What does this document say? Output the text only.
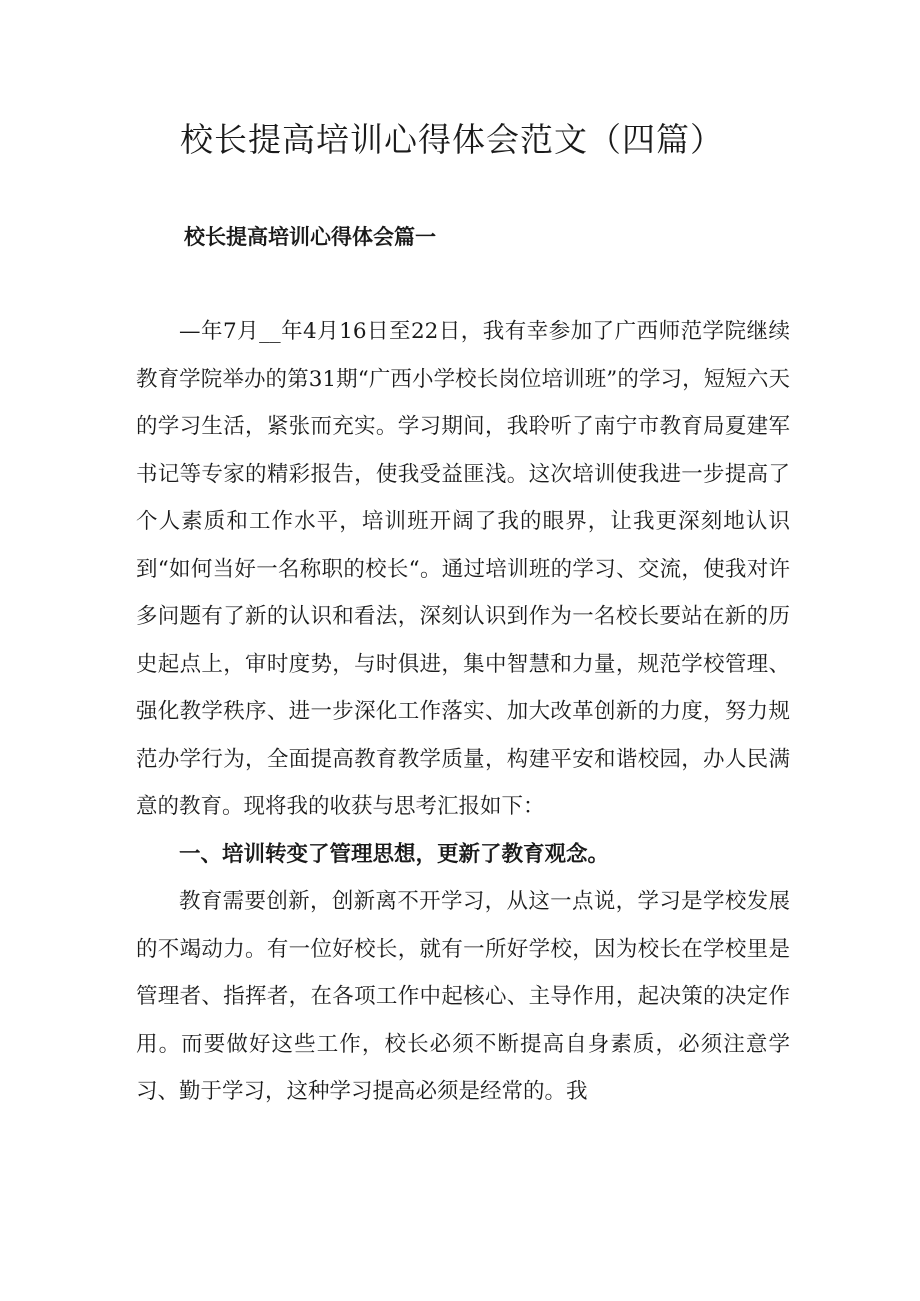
校长提高培训心得体会范文（四篇）
校长提高培训心得体会篇一

—年7月__年4月16日至22日，我有幸参加了广西师范学院继续教育学院举办的第31期“广西小学校长岗位培训班”的学习，短短六天的学习生活，紧张而充实。学习期间，我聆听了南宁市教育局夏建军书记等专家的精彩报告，使我受益匪浅。这次培训使我进一步提高了个人素质和工作水平，培训班开阔了我的眼界，让我更深刻地认识到“如何当好一名称职的校长“。通过培训班的学习、交流，使我对许多问题有了新的认识和看法，深刻认识到作为一名校长要站在新的历史起点上，审时度势，与时俱进，集中智慧和力量，规范学校管理、强化教学秩序、进一步深化工作落实、加大改革创新的力度，努力规范办学行为，全面提高教育教学质量，构建平安和谐校园，办人民满意的教育。现将我的收获与思考汇报如下：

一、培训转变了管理思想，更新了教育观念。

教育需要创新，创新离不开学习，从这一点说，学习是学校发展的不竭动力。有一位好校长，就有一所好学校，因为校长在学校里是管理者、指挥者，在各项工作中起核心、主导作用，起决策的决定作用。而要做好这些工作，校长必须不断提高自身素质，必须注意学习、勤于学习，这种学习提高必须是经常的。我
